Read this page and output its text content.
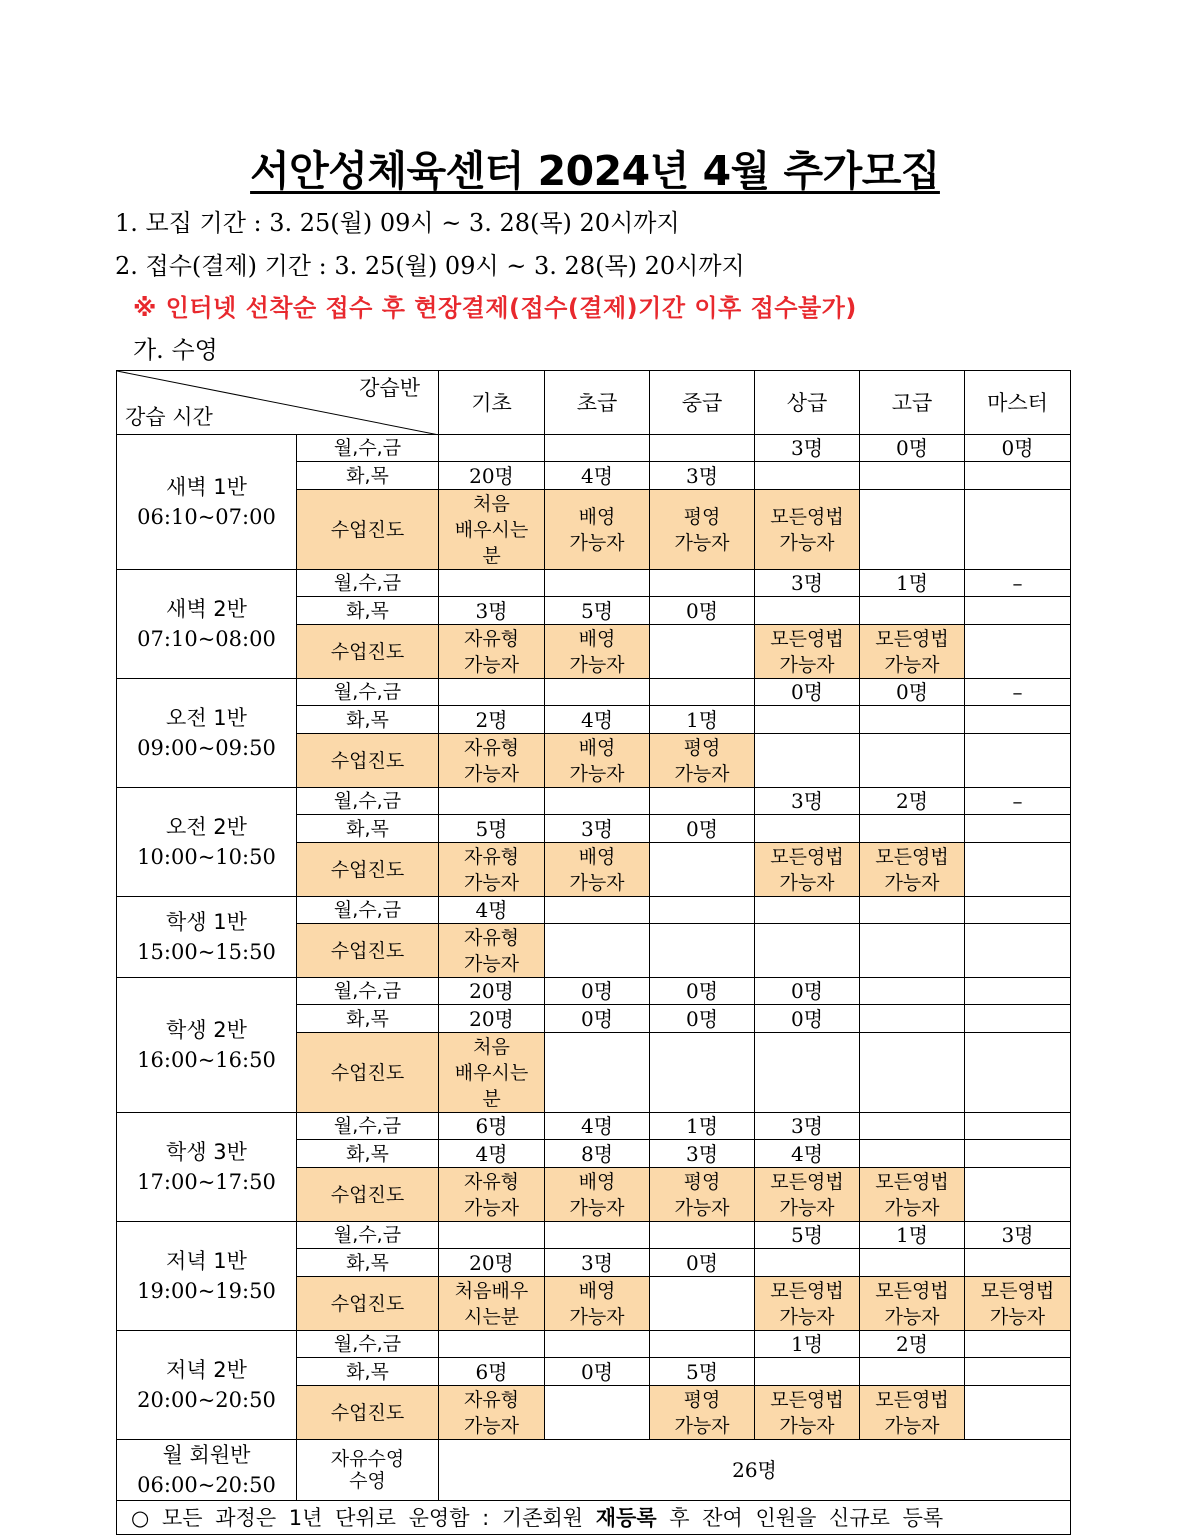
서안성체육센터 2024년 4월 추가모집
1. 모집 기간 : 3. 25(월) 09시 ~ 3. 28(목) 20시까지
2. 접수(결제) 기간 : 3. 25(월) 09시 ~ 3. 28(목) 20시까지
※ 인터넷 선착순 접수 후 현장결제(접수(결제)기간 이후 접수불가)
가. 수영
강습반
강습 시간		기초	초급	중급	상급	고급	마스터

새벽 1반
06:10~07:00	월,수,금				3명	0명	0명
	화,목	20명	4명	3명			
	수업진도	처음
배우시는
분	배영
가능자	평영
가능자	모든영법
가능자		

새벽 2반
07:10~08:00	월,수,금				3명	1명	–
	화,목	3명	5명	0명			
	수업진도	자유형
가능자	배영
가능자		모든영법
가능자	모든영법
가능자	

오전 1반
09:00~09:50	월,수,금				0명	0명	–
	화,목	2명	4명	1명			
	수업진도	자유형
가능자	배영
가능자	평영
가능자			

오전 2반
10:00~10:50	월,수,금				3명	2명	–
	화,목	5명	3명	0명			
	수업진도	자유형
가능자	배영
가능자		모든영법
가능자	모든영법
가능자	

학생 1반
15:00~15:50	월,수,금	4명					
	수업진도	자유형
가능자					

학생 2반
16:00~16:50	월,수,금	20명	0명	0명	0명		
	화,목	20명	0명	0명	0명		
	수업진도	처음
배우시는
분					

학생 3반
17:00~17:50	월,수,금	6명	4명	1명	3명		
	화,목	4명	8명	3명	4명		
	수업진도	자유형
가능자	배영
가능자	평영
가능자	모든영법
가능자	모든영법
가능자	

저녁 1반
19:00~19:50	월,수,금				5명	1명	3명
	화,목	20명	3명	0명			
	수업진도	처음배우
시는분	배영
가능자		모든영법
가능자	모든영법
가능자	모든영법
가능자

저녁 2반
20:00~20:50	월,수,금				1명	2명	
	화,목	6명	0명	5명			
	수업진도	자유형
가능자		평영
가능자	모든영법
가능자	모든영법
가능자	

월 회원반
06:00~20:50	자유수영
수영	26명					
○ 모든 과정은 1년 단위로 운영함 : 기존회원 재등록 후 잔여 인원을 신규로 등록							
